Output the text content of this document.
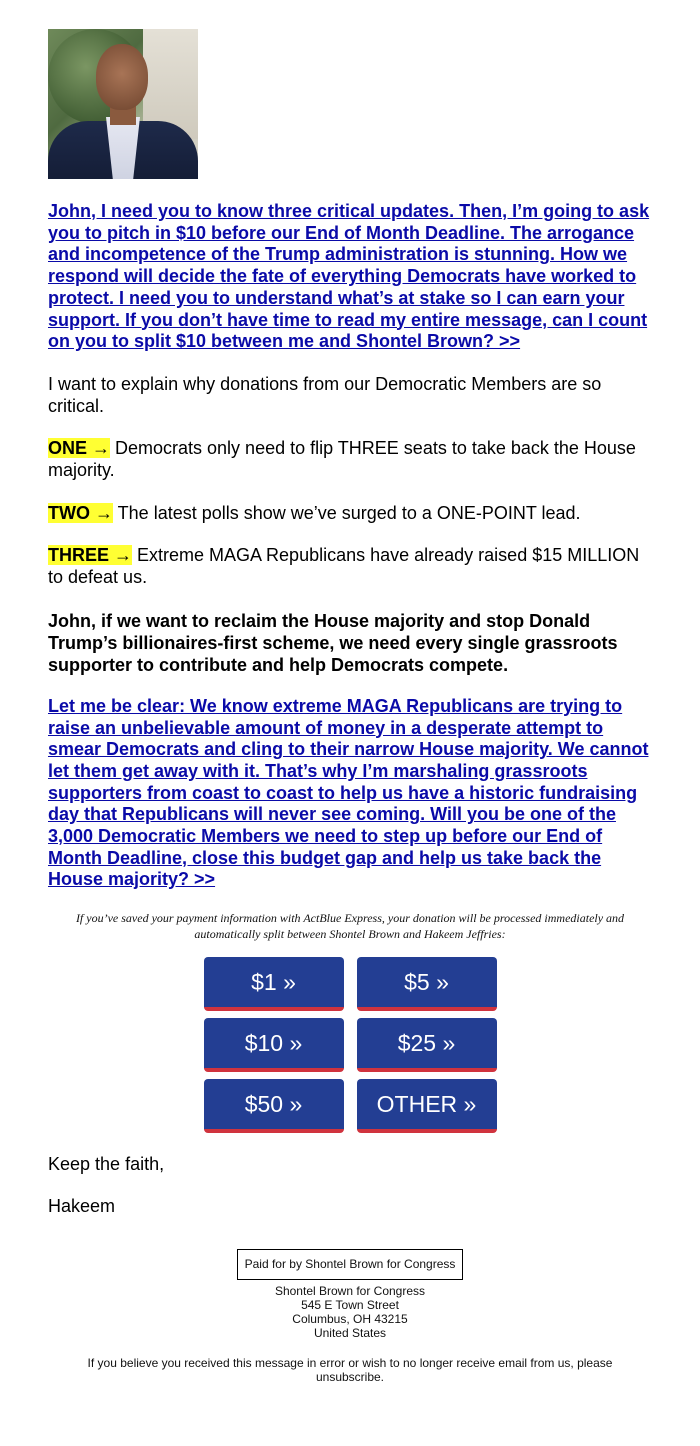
John, I need you to know three critical updates. Then, I’m going to ask you to pitch in $10 before our End of Month Deadline. The arrogance and incompetence of the Trump administration is stunning. How we respond will decide the fate of everything Democrats have worked to protect. I need you to understand what’s at stake so I can earn your support. If you don’t have time to read my entire message, can I count on you to split $10 between me and Shontel Brown? >>

I want to explain why donations from our Democratic Members are so critical.

ONE → Democrats only need to flip THREE seats to take back the House majority.

TWO → The latest polls show we’ve surged to a ONE-POINT lead.

THREE → Extreme MAGA Republicans have already raised $15 MILLION to defeat us.

John, if we want to reclaim the House majority and stop Donald Trump’s billionaires-first scheme, we need every single grassroots supporter to contribute and help Democrats compete.

Let me be clear: We know extreme MAGA Republicans are trying to raise an unbelievable amount of money in a desperate attempt to smear Democrats and cling to their narrow House majority. We cannot let them get away with it. That’s why I’m marshaling grassroots supporters from coast to coast to help us have a historic fundraising day that Republicans will never see coming. Will you be one of the 3,000 Democratic Members we need to step up before our End of Month Deadline, close this budget gap and help us take back the House majority? >>

If you’ve saved your payment information with ActBlue Express, your donation will be processed immediately and automatically split between Shontel Brown and Hakeem Jeffries:

$1 »	$5 »
$10 »	$25 »
$50 »	OTHER »

Keep the faith,

Hakeem

Paid for by Shontel Brown for Congress
Shontel Brown for Congress
545 E Town Street
Columbus, OH 43215
United States
If you believe you received this message in error or wish to no longer receive email from us, please unsubscribe.
